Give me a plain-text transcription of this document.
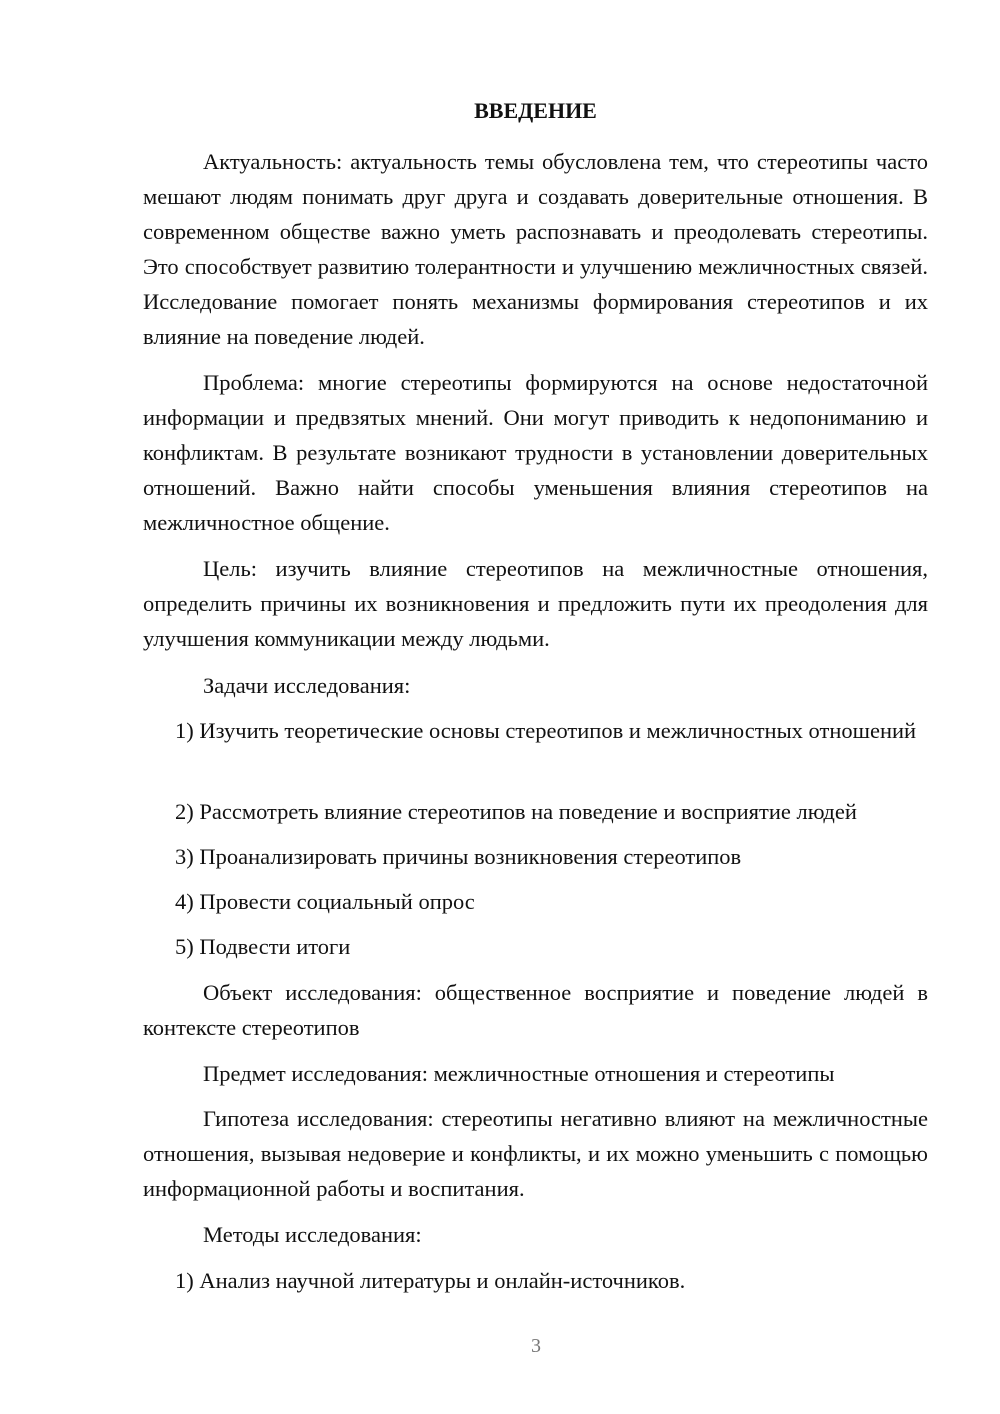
ВВЕДЕНИЕ

Актуальность: актуальность темы обусловлена тем, что стереотипы часто мешают людям понимать друг друга и создавать доверительные отношения. В современном обществе важно уметь распознавать и преодолевать стереотипы. Это способствует развитию толерантности и улучшению межличностных связей. Исследование помогает понять механизмы формирования стереотипов и их влияние на поведение людей.

Проблема: многие стереотипы формируются на основе недостаточной информации и предвзятых мнений. Они могут приводить к недопониманию и конфликтам. В результате возникают трудности в установлении доверительных отношений. Важно найти способы уменьшения влияния стереотипов на межличностное общение.

Цель: изучить влияние стереотипов на межличностные отношения, определить причины их возникновения и предложить пути их преодоления для улучшения коммуникации между людьми.

Задачи исследования:

1) Изучить теоретические основы стереотипов и межличностных отношений

2) Рассмотреть влияние стереотипов на поведение и восприятие людей

3) Проанализировать причины возникновения стереотипов

4) Провести социальный опрос

5) Подвести итоги

Объект исследования: общественное восприятие и поведение людей в контексте стереотипов

Предмет исследования: межличностные отношения и стереотипы

Гипотеза исследования: стереотипы негативно влияют на межличностные отношения, вызывая недоверие и конфликты, и их можно уменьшить с помощью информационной работы и воспитания.

Методы исследования:

1) Анализ научной литературы и онлайн-источников.

3
